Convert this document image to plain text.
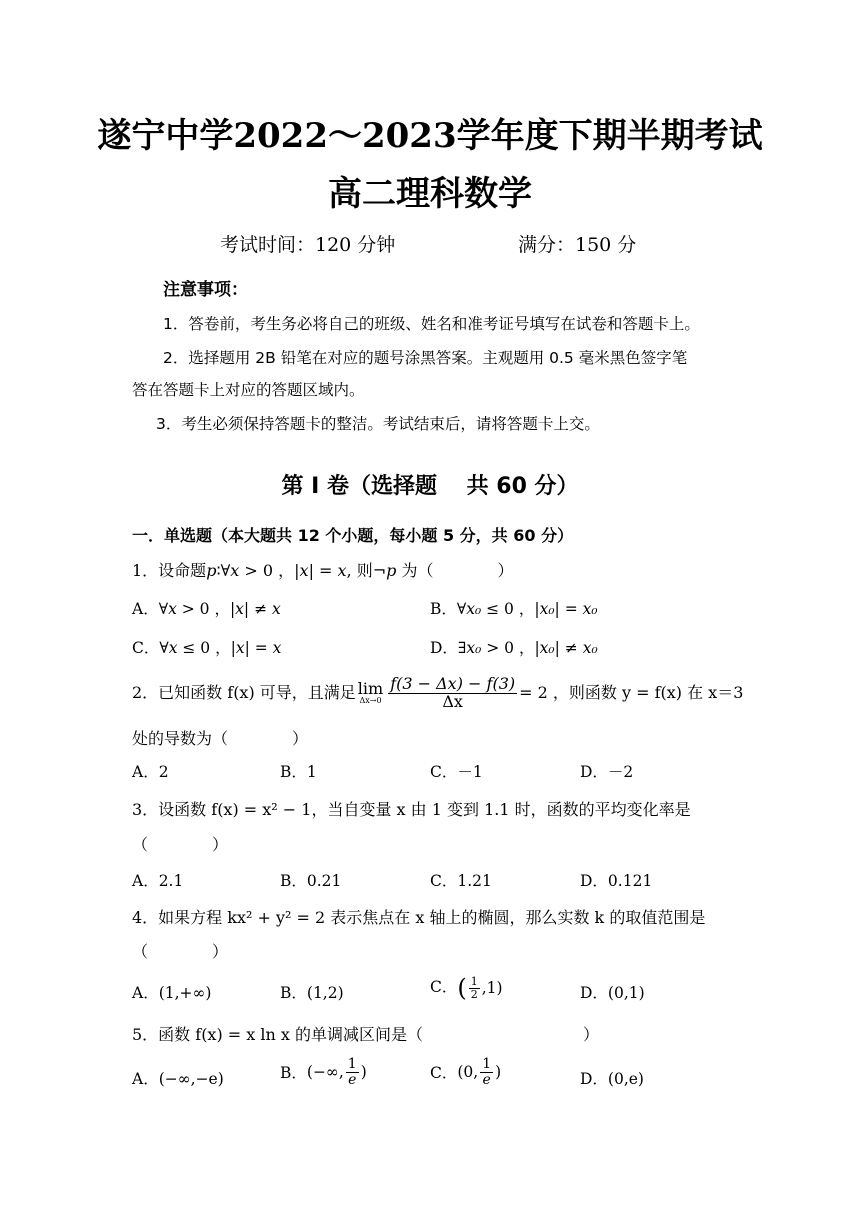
遂宁中学2022～2023学年度下期半期考试
高二理科数学
考试时间：120 分钟	满分：150 分
注意事项：
1．答卷前，考生务必将自己的班级、姓名和准考证号填写在试卷和答题卡上。
2．选择题用 2B 铅笔在对应的题号涂黑答案。主观题用 0.5 毫米黑色签字笔
答在答题卡上对应的答题区域内。
3．考生必须保持答题卡的整洁。考试结束后，请将答题卡上交。
第 I 卷（选择题　 共 60 分）
一．单选题（本大题共 12 个小题，每小题 5 分，共 60 分）
1．设命题p∶∀x > 0 ，|x| = x, 则¬p 为（　　　　）
A．∀x > 0 ，|x| ≠ x	B．∀x₀ ≤ 0 ，|x₀| = x₀
C．∀x ≤ 0 ，|x| = x	D．∃x₀ > 0 ，|x₀| ≠ x₀
2．已知函数 f(x) 可导，且满足 lim
$\Delta x\to 0 \frac{f(3 - \Delta x) - f(3)}{\Delta x} = 2$ ，则函数 y = f(x) 在 x＝3
处的导数为（　　　　）
A．2	B．1	C．－1	D．－2
3．设函数 f(x) = x² − 1，当自变量 x 由 1 变到 1.1 时，函数的平均变化率是
（　　　　）
A．2.1	B．0.21	C．1.21	D．0.121
4．如果方程 kx² + y² = 2 表示焦点在 x 轴上的椭圆，那么实数 k 的取值范围是
（　　　　）
A．(1,+∞)	B．(1,2)	C．( $\frac{1}{2} ,1$)	D．(0,1)
5．函数 f(x) = x ln x 的单调减区间是（　　　　　　　　　　）
A．(−∞,−e)	B．(−∞, $\frac{1}{e}$ )	C．(0, $\frac{1}{e}$ )	D．(0,e)
